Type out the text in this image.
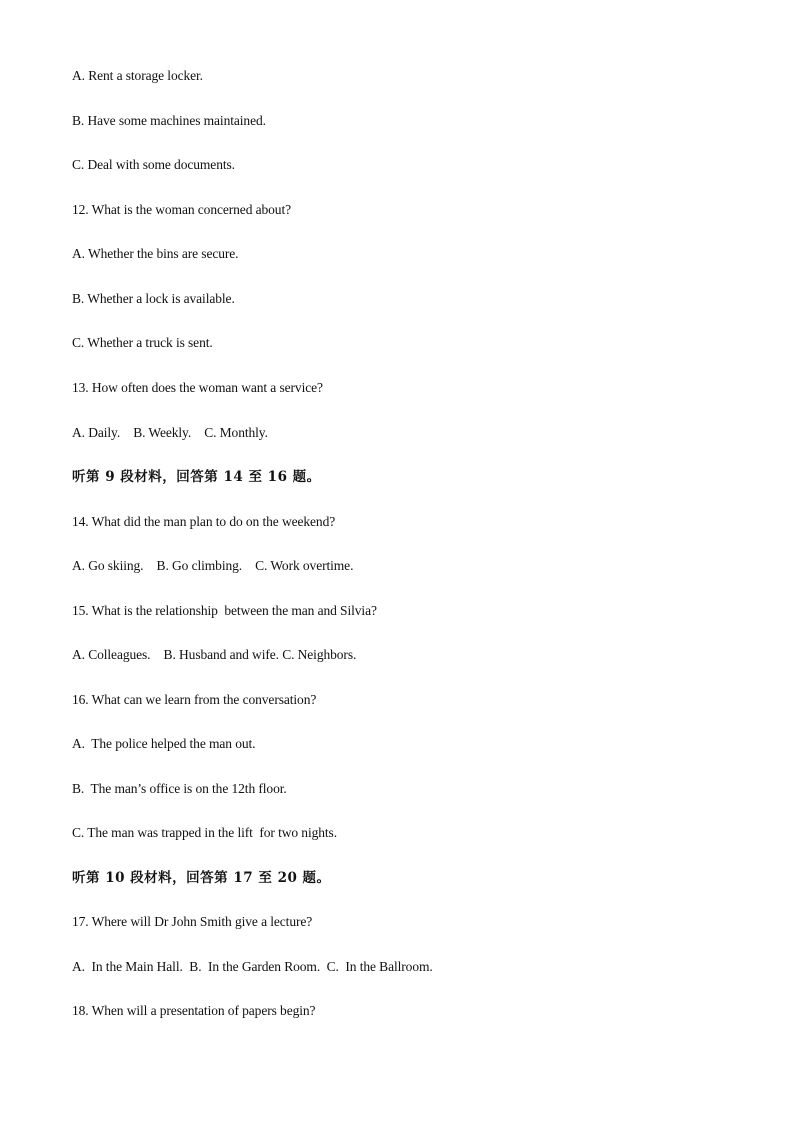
A. Rent a storage locker.
B. Have some machines maintained.
C. Deal with some documents.
12. What is the woman concerned about?
A. Whether the bins are secure.
B. Whether a lock is available.
C. Whether a truck is sent.
13. How often does the woman want a service?
A. Daily.    B. Weekly.    C. Monthly.
听第 9 段材料，回答第 14 至 16 题。
14. What did the man plan to do on the weekend?
A. Go skiing.    B. Go climbing.    C. Work overtime.
15. What is the relationship  between the man and Silvia?
A. Colleagues.    B. Husband and wife. C. Neighbors.
16. What can we learn from the conversation?
A.  The police helped the man out.
B.  The man’s office is on the 12th floor.
C. The man was trapped in the lift  for two nights.
听第 10 段材料，回答第 17 至 20 题。
17. Where will Dr John Smith give a lecture?
A.  In the Main Hall.  B.  In the Garden Room.  C.  In the Ballroom.
18. When will a presentation of papers begin?
